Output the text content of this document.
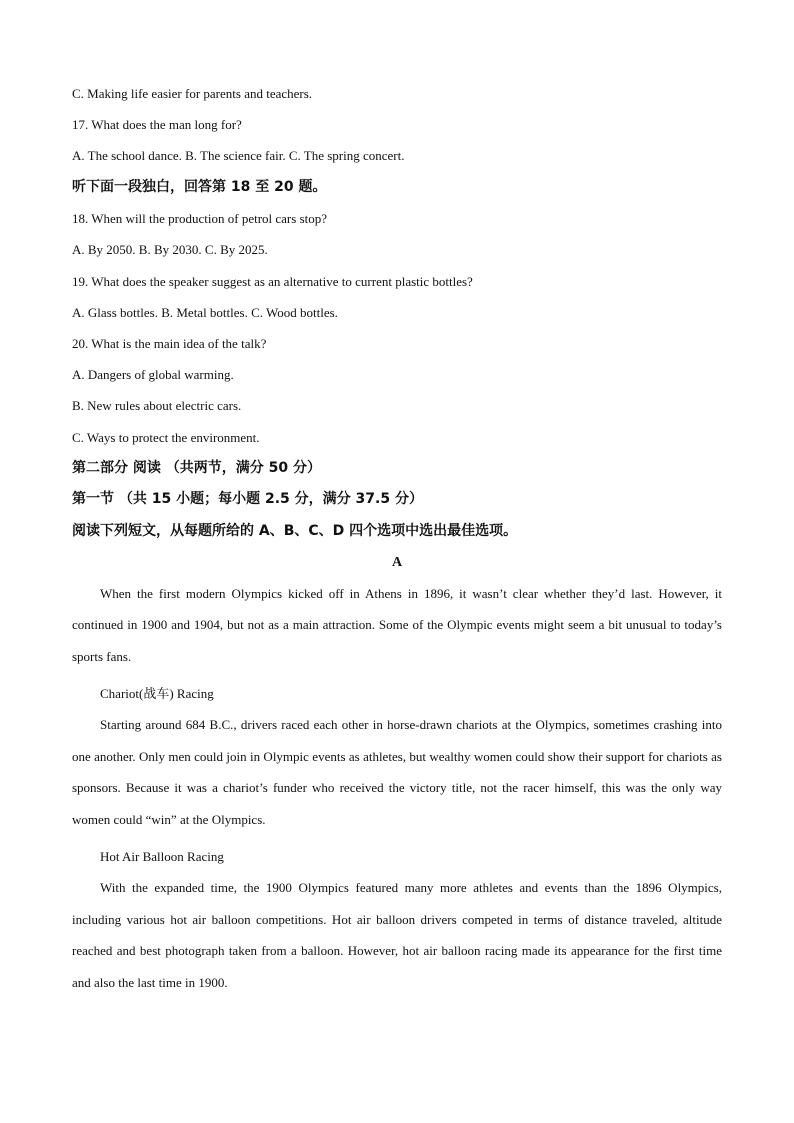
C. Making life easier for parents and teachers.
17. What does the man long for?
A. The school dance. B. The science fair. C. The spring concert.
听下面一段独白，回答第 18 至 20 题。
18. When will the production of petrol cars stop?
A. By 2050. B. By 2030. C. By 2025.
19. What does the speaker suggest as an alternative to current plastic bottles?
A. Glass bottles. B. Metal bottles. C. Wood bottles.
20. What is the main idea of the talk?
A. Dangers of global warming.
B. New rules about electric cars.
C. Ways to protect the environment.
第二部分 阅读 （共两节，满分 50 分）
第一节 （共 15 小题；每小题 2.5 分，满分 37.5 分）
阅读下列短文，从每题所给的 A、B、C、D 四个选项中选出最佳选项。
A

When the first modern Olympics kicked off in Athens in 1896, it wasn’t clear whether they’d last. However, it continued in 1900 and 1904, but not as a main attraction. Some of the Olympic events might seem a bit unusual to today’s sports fans.

Chariot(战车) Racing

Starting around 684 B.C., drivers raced each other in horse-drawn chariots at the Olympics, sometimes crashing into one another. Only men could join in Olympic events as athletes, but wealthy women could show their support for chariots as sponsors. Because it was a chariot’s funder who received the victory title, not the racer himself, this was the only way women could “win” at the Olympics.

Hot Air Balloon Racing

With the expanded time, the 1900 Olympics featured many more athletes and events than the 1896 Olympics, including various hot air balloon competitions. Hot air balloon drivers competed in terms of distance traveled, altitude reached and best photograph taken from a balloon. However, hot air balloon racing made its appearance for the first time and also the last time in 1900.
